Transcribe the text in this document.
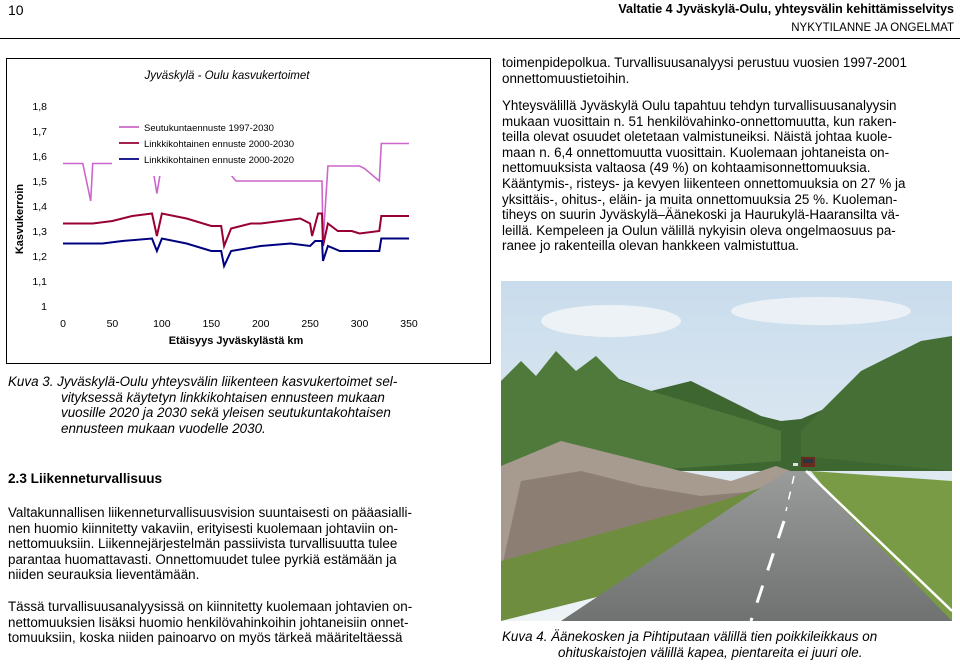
10	Valtatie 4 Jyväskylä-Oulu, yhteysvälin kehittämisselvitys
NYKYTILANNE JA ONGELMAT
Jyväskylä - Oulu kasvukertoimet
Kasvukerroin
Etäisyys Jyväskylästä km
1
1,1
1,2
1,3
1,4
1,5
1,6
1,7
1,8
0	50	100	150	200	250	300	350
Seutukuntaennuste 1997-2030
Linkkikohtainen ennuste 2000-2030
Linkkikohtainen ennuste 2000-2020
Kuva 3. Jyväskylä-Oulu yhteysvälin liikenteen kasvukertoimet sel-
vityksessä käytetyn linkkikohtaisen ennusteen mukaan
vuosille 2020 ja 2030 sekä yleisen seutukuntakohtaisen
ennusteen mukaan vuodelle 2030.
2.3 Liikenneturvallisuus
Valtakunnallisen liikenneturvallisuusvision suuntaisesti on pääasialli-
nen huomio kiinnitetty vakaviin, erityisesti kuolemaan johtaviin on-
nettomuuksiin. Liikennejärjestelmän passiivista turvallisuutta tulee
parantaa huomattavasti. Onnettomuudet tulee pyrkiä estämään ja
niiden seurauksia lieventämään.
Tässä turvallisuusanalyysissä on kiinnitetty kuolemaan johtavien on-
nettomuuksien lisäksi huomio henkilövahinkoihin johtaneisiin onnet-
tomuuksiin, koska niiden painoarvo on myös tärkeä määriteltäessä
toimenpidepolkua. Turvallisuusanalyysi perustuu vuosien 1997-2001
onnettomuustietoihin.
Yhteysvälillä Jyväskylä Oulu tapahtuu tehdyn turvallisuusanalyysin
mukaan vuosittain n. 51 henkilövahinko-onnettomuutta, kun raken-
teilla olevat osuudet oletetaan valmistuneiksi. Näistä johtaa kuole-
maan n. 6,4 onnettomuutta vuosittain. Kuolemaan johtaneista on-
nettomuuksista valtaosa (49 %) on kohtaamisonnettomuuksia.
Kääntymis-, risteys- ja kevyen liikenteen onnettomuuksia on 27 % ja
yksittäis-, ohitus-, eläin- ja muita onnettomuuksia 25 %. Kuoleman-
tiheys on suurin Jyväskylä–Äänekoski ja Haurukylä-Haaransilta vä-
leillä. Kempeleen ja Oulun välillä nykyisin oleva ongelmaosuus pa-
ranee jo rakenteilla olevan hankkeen valmistuttua.
Kuva 4. Äänekosken ja Pihtiputaan välillä tien poikkileikkaus on
ohituskaistojen välillä kapea, pientareita ei juuri ole.
